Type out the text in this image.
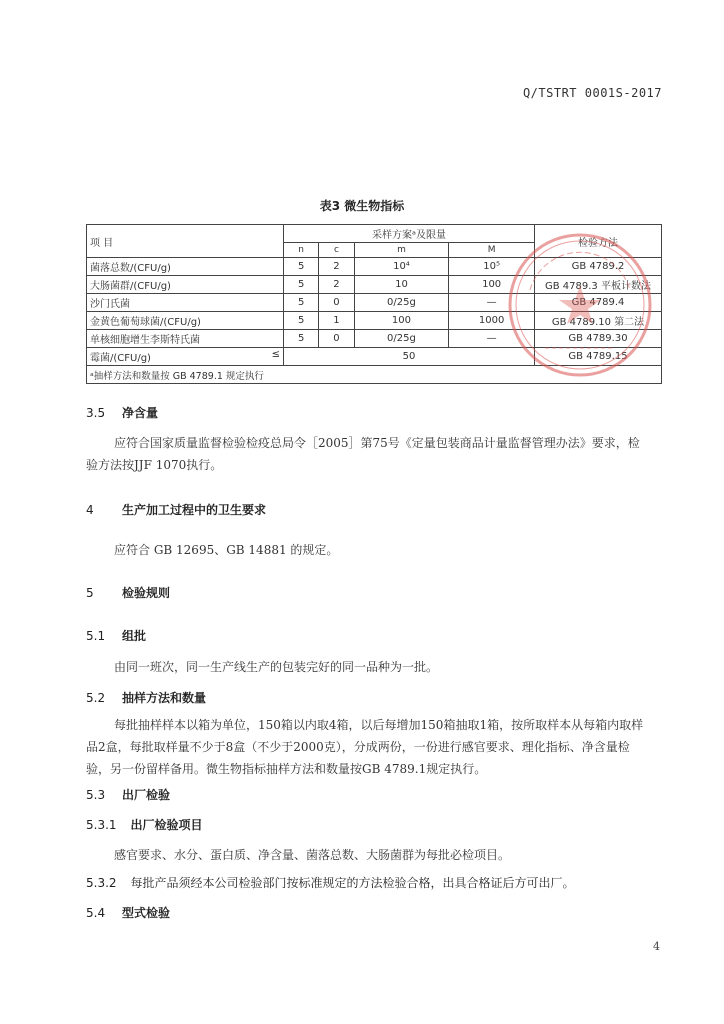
Q/TSTRT 0001S-2017
表3 微生物指标
项 目	采样方案ᵃ及限量				检验方法
	n	c	m	M	
菌落总数/(CFU/g)	5	2	10⁴	10⁵	GB 4789.2
大肠菌群/(CFU/g)	5	2	10	100	GB 4789.3 平板计数法
沙门氏菌	5	0	0/25g	—	GB 4789.4
金黄色葡萄球菌/(CFU/g)	5	1	100	1000	GB 4789.10 第二法
单核细胞增生李斯特氏菌	5	0	0/25g	—	GB 4789.30
霉菌/(CFU/g) ≤	50				GB 4789.15
ᵃ抽样方法和数量按 GB 4789.1 规定执行					
3.5 净含量
应符合国家质量监督检验检疫总局令［2005］第75号《定量包装商品计量监督管理办法》要求，检
验方法按JJF 1070执行。
4 生产加工过程中的卫生要求
应符合 GB 12695、GB 14881 的规定。
5 检验规则
5.1 组批
由同一班次，同一生产线生产的包装完好的同一品种为一批。
5.2 抽样方法和数量
每批抽样样本以箱为单位，150箱以内取4箱，以后每增加150箱抽取1箱，按所取样本从每箱内取样
品2盒，每批取样量不少于8盒（不少于2000克），分成两份，一份进行感官要求、理化指标、净含量检
验，另一份留样备用。微生物指标抽样方法和数量按GB 4789.1规定执行。
5.3 出厂检验
5.3.1 出厂检验项目
感官要求、水分、蛋白质、净含量、菌落总数、大肠菌群为每批必检项目。
5.3.2 每批产品须经本公司检验部门按标准规定的方法检验合格，出具合格证后方可出厂。
5.4 型式检验
4
